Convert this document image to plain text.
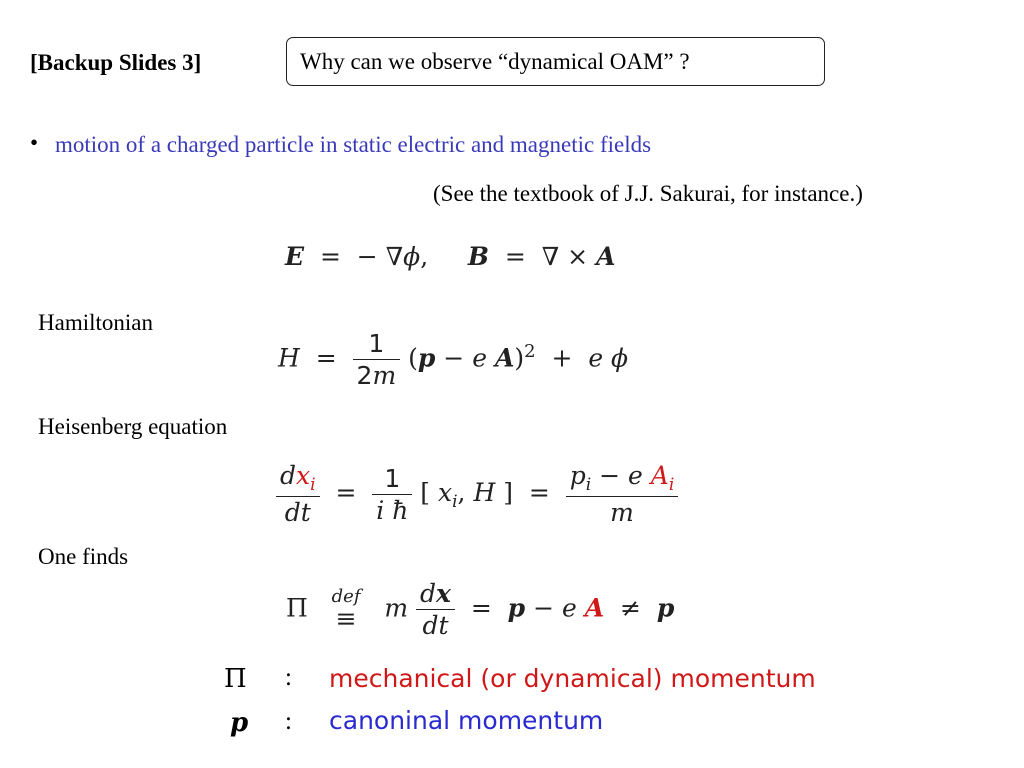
[Backup Slides 3]	Why can we observe “dynamical OAM” ?
• motion of a charged particle in static electric and magnetic fields
(See the textbook of J.J. Sakurai, for instance.)
E  =  − ∇ϕ,     B  =  ∇ × A
Hamiltonian
$H = \frac{1}{2m} (p - e$ A)$^2$  +  e ϕ
Heisenberg equation
$\frac{dx_i}{dt} = \frac{1}{\text{i ħ}}$ [ $x_i$, H ]  = $\frac{p_i - e A_i}{m}$
One finds
Π def
≡ m $\frac{dx}{dt} = p - e$ A  ≠  p
Π : mechanical (or dynamical) momentum
p : canoninal momentum
